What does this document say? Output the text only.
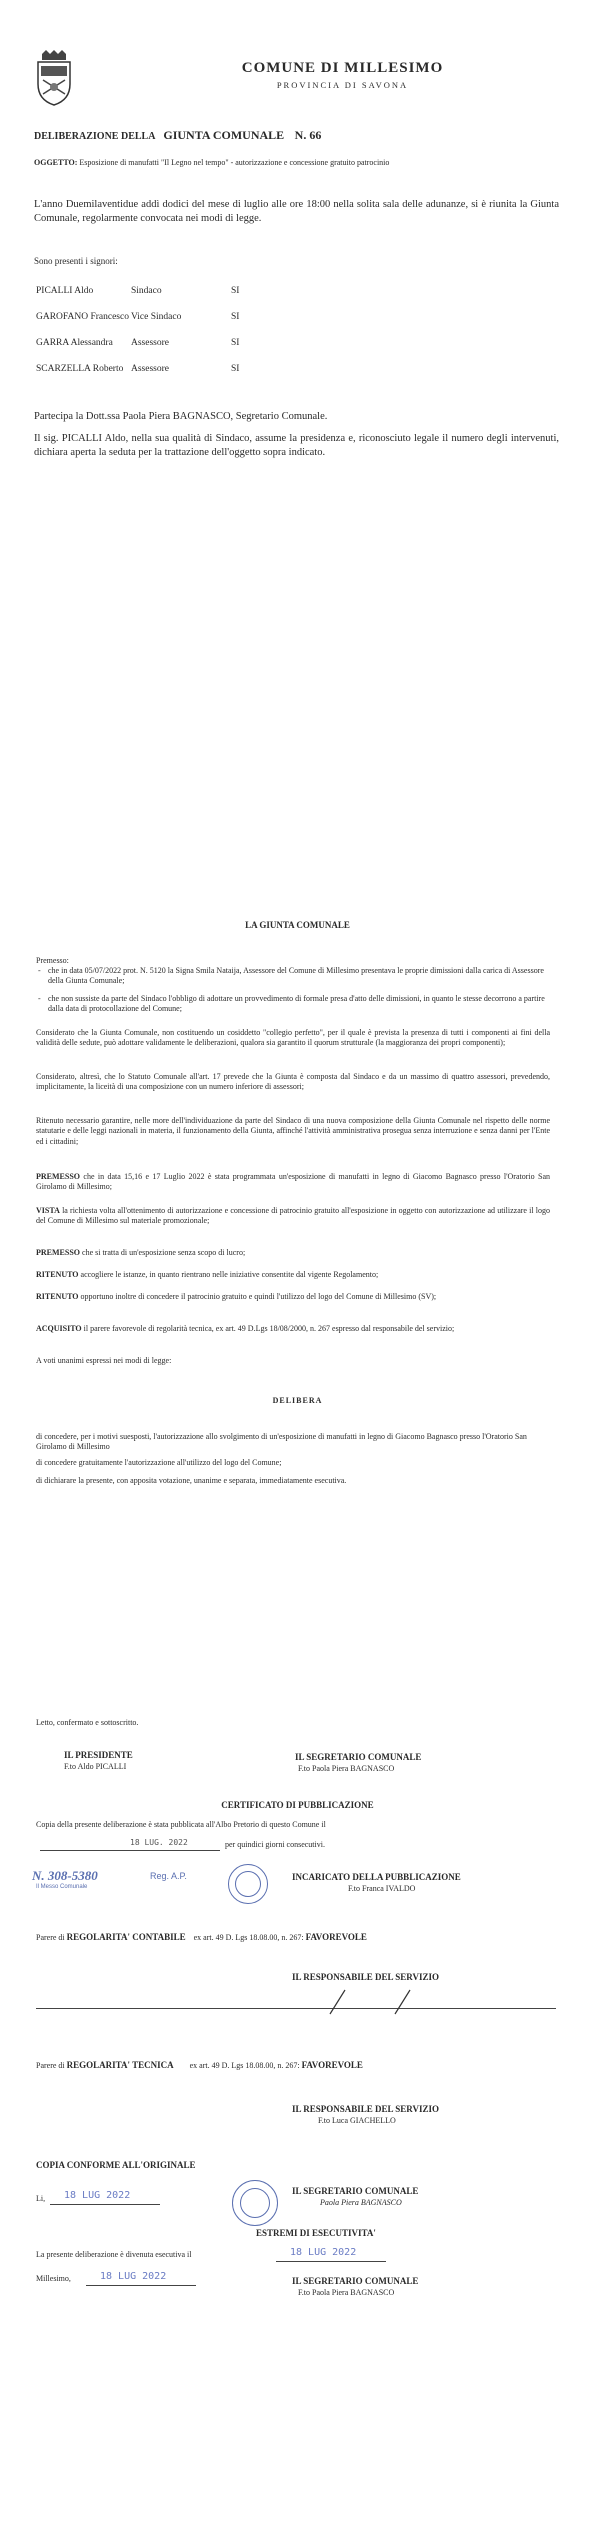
COMUNE DI MILLESIMO
PROVINCIA DI SAVONA
DELIBERAZIONE DELLA GIUNTA COMUNALE N. 66
OGGETTO: Esposizione di manufatti "Il Legno nel tempo" - autorizzazione e concessione gratuito patrocinio
L'anno Duemilaventidue addì dodici del mese di luglio alle ore 18:00 nella solita sala delle adunanze, si è riunita la Giunta Comunale, regolarmente convocata nei modi di legge.
Sono presenti i signori:
PICALLI Aldo	Sindaco	SI
GAROFANO Francesco Vice Sindaco	SI
GARRA Alessandra Assessore	SI
SCARZELLA Roberto Assessore	SI
Partecipa la Dott.ssa Paola Piera BAGNASCO, Segretario Comunale.
Il sig. PICALLI Aldo, nella sua qualità di Sindaco, assume la presidenza e, riconosciuto legale il numero degli intervenuti, dichiara aperta la seduta per la trattazione dell'oggetto sopra indicato.
LA GIUNTA COMUNALE
Premesso:
- che in data 05/07/2022 prot. N. 5120 la Signa Smila Nataija, Assessore del Comune di Millesimo presentava le proprie dimissioni dalla carica di Assessore della Giunta Comunale;
- che non sussiste da parte del Sindaco l'obbligo di adottare un provvedimento di formale presa d'atto delle dimissioni, in quanto le stesse decorrono a partire dalla data di protocollazione del Comune;
Considerato che la Giunta Comunale, non costituendo un cosiddetto "collegio perfetto", per il quale è prevista la presenza di tutti i componenti ai fini della validità delle sedute, può adottare validamente le deliberazioni, qualora sia garantito il quorum strutturale (la maggioranza dei propri componenti);
Considerato, altresì, che lo Statuto Comunale all'art. 17 prevede che la Giunta è composta dal Sindaco e da un massimo di quattro assessori, prevedendo, implicitamente, la liceità di una composizione con un numero inferiore di assessori;
Ritenuto necessario garantire, nelle more dell'individuazione da parte del Sindaco di una nuova composizione della Giunta Comunale nel rispetto delle norme statutarie e delle leggi nazionali in materia, il funzionamento della Giunta, affinché l'attività amministrativa prosegua senza interruzione e senza danni per l'Ente ed i cittadini;
PREMESSO che in data 15,16 e 17 Luglio 2022 è stata programmata un'esposizione di manufatti in legno di Giacomo Bagnasco presso l'Oratorio San Girolamo di Millesimo;
VISTA la richiesta volta all'ottenimento di autorizzazione e concessione di patrocinio gratuito all'esposizione in oggetto con autorizzazione ad utilizzare il logo del Comune di Millesimo sul materiale promozionale;
PREMESSO che si tratta di un'esposizione senza scopo di lucro;
RITENUTO accogliere le istanze, in quanto rientrano nelle iniziative consentite dal vigente Regolamento;
RITENUTO opportuno inoltre di concedere il patrocinio gratuito e quindi l'utilizzo del logo del Comune di Millesimo (SV);
ACQUISITO il parere favorevole di regolarità tecnica, ex art. 49 D.Lgs 18/08/2000, n. 267 espresso dal responsabile del servizio;
A voti unanimi espressi nei modi di legge:
DELIBERA
di concedere, per i motivi suesposti, l'autorizzazione allo svolgimento di un'esposizione di manufatti in legno di Giacomo Bagnasco presso l'Oratorio San Girolamo di Millesimo
di concedere gratuitamente l'autorizzazione all'utilizzo del logo del Comune;
di dichiarare la presente, con apposita votazione, unanime e separata, immediatamente esecutiva.
Letto, confermato e sottoscritto.
IL PRESIDENTE
F.to Aldo PICALLI
IL SEGRETARIO COMUNALE
F.to Paola Piera BAGNASCO
CERTIFICATO DI PUBBLICAZIONE
Copia della presente deliberazione è stata pubblicata all'Albo Pretorio di questo Comune il
18 LUG. 2022	per quindici giorni consecutivi.
N. 308-5380	Reg. A.P.
Il Messo Comunale
INCARICATO DELLA PUBBLICAZIONE
F.to Franca IVALDO
Parere di REGOLARITA' CONTABILE ex art. 49 D. Lgs 18.08.00, n. 267: FAVOREVOLE
IL RESPONSABILE DEL SERVIZIO
Parere di REGOLARITA' TECNICA ex art. 49 D. Lgs 18.08.00, n. 267: FAVOREVOLE
IL RESPONSABILE DEL SERVIZIO
F.to Luca GIACHELLO
COPIA CONFORME ALL'ORIGINALE
Li, 18 LUG 2022	IL SEGRETARIO COMUNALE
Paola Piera BAGNASCO
ESTREMI DI ESECUTIVITA'
La presente deliberazione è divenuta esecutiva il	18 LUG 2022
Millesimo,	18 LUG 2022	IL SEGRETARIO COMUNALE
F.to Paola Piera BAGNASCO
